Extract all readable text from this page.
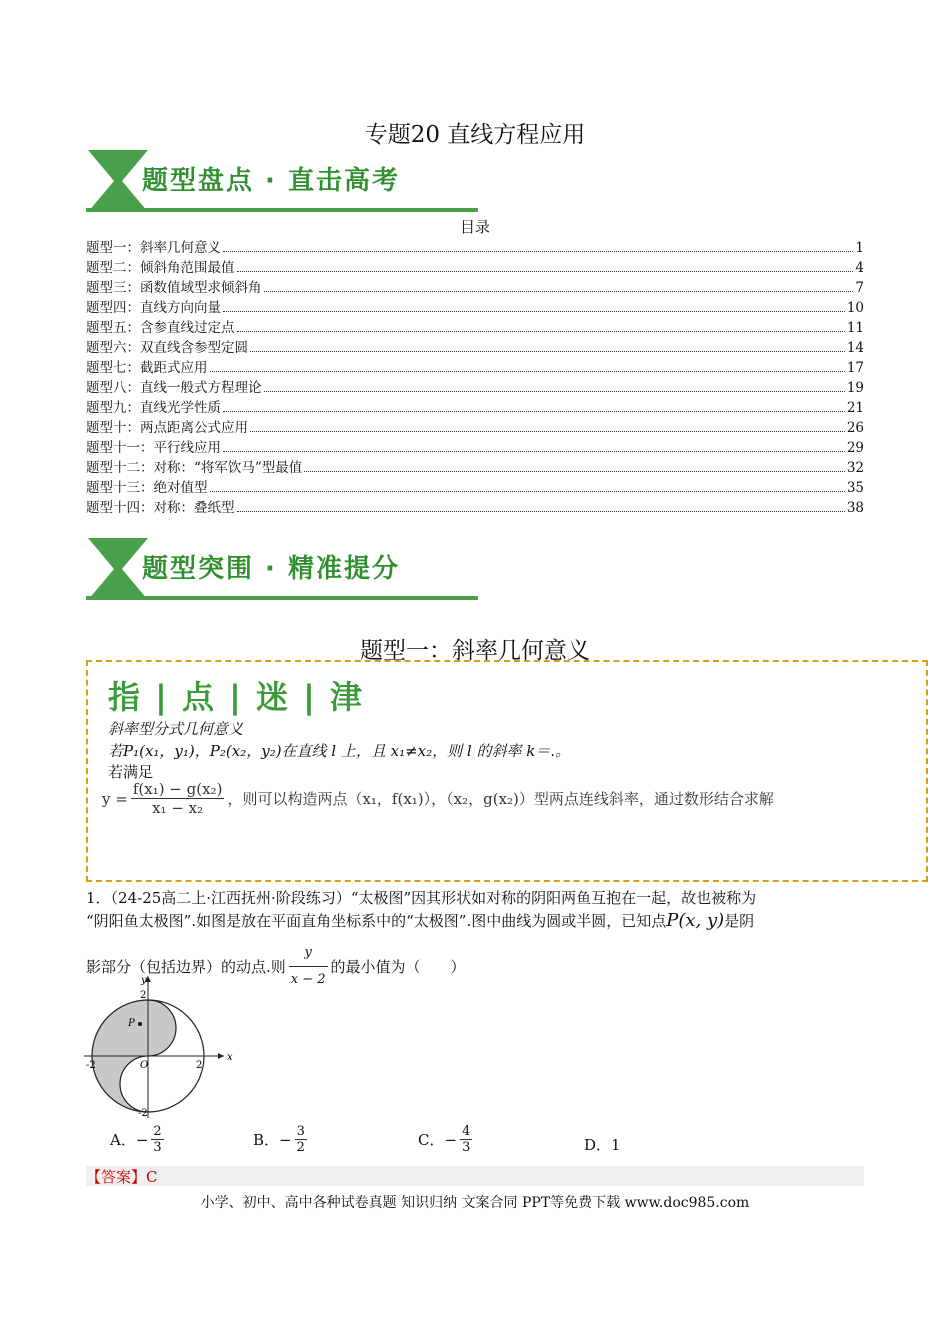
专题20 直线方程应用
题型盘点 · 直击高考
目录
题型一：斜率几何意义	1
题型二：倾斜角范围最值	4
题型三：函数值域型求倾斜角	7
题型四：直线方向向量	10
题型五：含参直线过定点	11
题型六：双直线含参型定圆	14
题型七：截距式应用	17
题型八：直线一般式方程理论	19
题型九：直线光学性质	21
题型十：两点距离公式应用	26
题型十一：平行线应用	29
题型十二：对称：“将军饮马”型最值	32
题型十三：绝对值型	35
题型十四：对称：叠纸型	38
题型突围 · 精准提分
题型一：斜率几何意义
指 | 点 | 迷 | 津
斜率型分式几何意义
若P₁(x₁，y₁)，P₂(x₂，y₂)在直线 l 上，且 x₁≠x₂，则 l 的斜率 k＝.。
若满足
$y = \frac{\text{f(x₁) − g(x₂)}}{\text{x₁ − x₂}}$ ，则可以构造两点（x₁，f(x₁)），（x₂，g(x₂)）型两点连线斜率，通过数形结合求解
1．（24-25高二上·江西抚州·阶段练习）“太极图”因其形状如对称的阴阳两鱼互抱在一起，故也被称为
“阴阳鱼太极图”.如图是放在平面直角坐标系中的“太极图”.图中曲线为圆或半圆，已知点P(x, y)是阴
影部分（包括边界）的动点.则 $\frac{y}{x - 2}$ 的最小值为（　　）
P
x
y
O	2
-2
2
-2
A． − $\frac{2}{3}$	B． − $\frac{3}{2}$	C． − $\frac{4}{3}$	D． 1
【答案】C
小学、初中、高中各种试卷真题 知识归纳 文案合同 PPT等免费下载 www.doc985.com
